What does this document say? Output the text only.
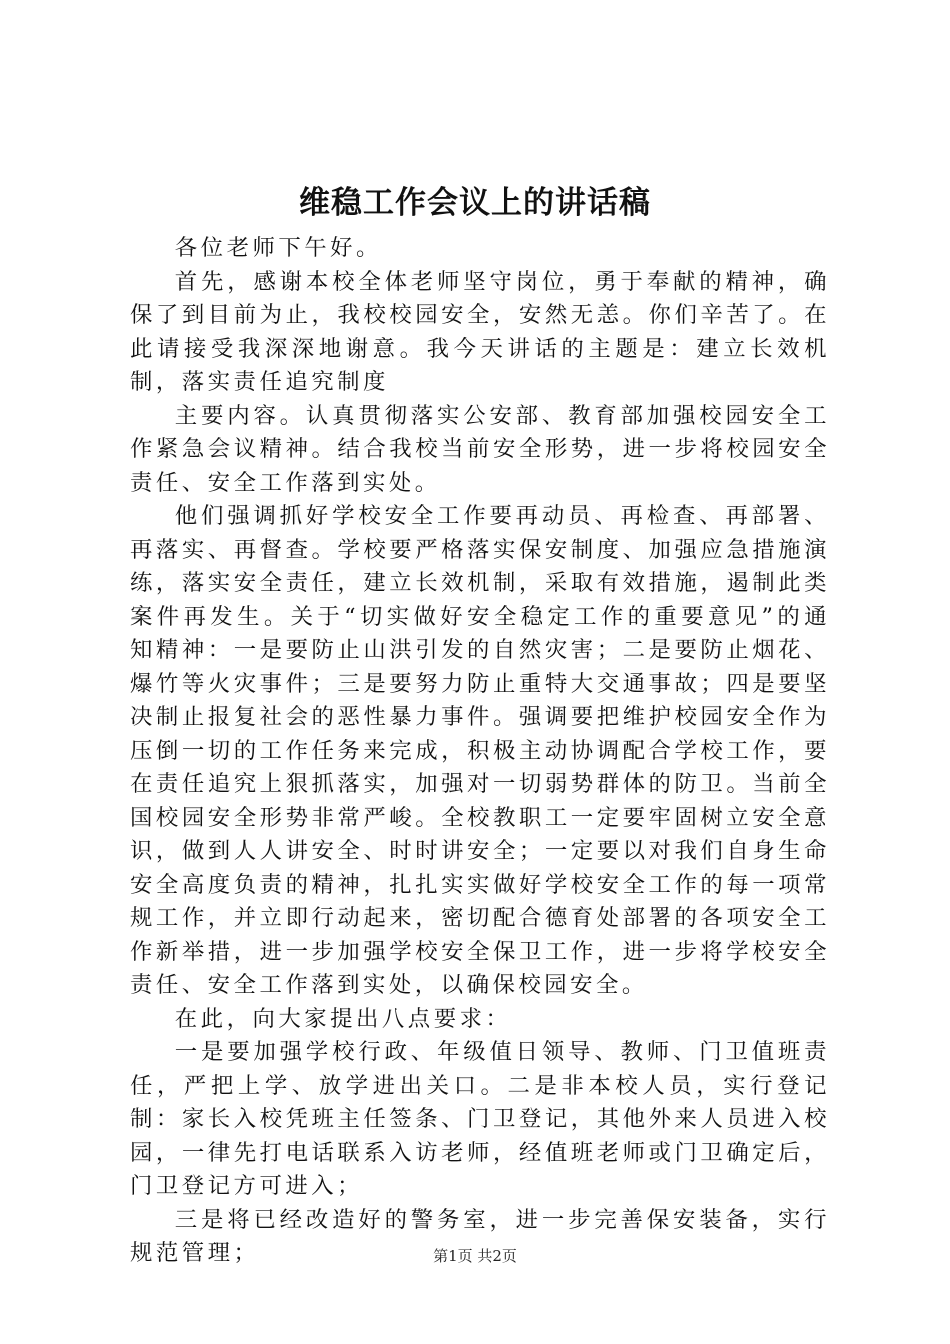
维稳工作会议上的讲话稿

各位老师下午好。

首先，感谢本校全体老师坚守岗位，勇于奉献的精神，确保了到目前为止，我校校园安全，安然无恙。你们辛苦了。在此请接受我深深地谢意。我今天讲话的主题是：建立长效机制，落实责任追究制度

主要内容。认真贯彻落实公安部、教育部加强校园安全工作紧急会议精神。结合我校当前安全形势，进一步将校园安全责任、安全工作落到实处。

他们强调抓好学校安全工作要再动员、再检查、再部署、再落实、再督查。学校要严格落实保安制度、加强应急措施演练，落实安全责任，建立长效机制，采取有效措施，遏制此类案件再发生。关于“切实做好安全稳定工作的重要意见”的通知精神：一是要防止山洪引发的自然灾害；二是要防止烟花、爆竹等火灾事件；三是要努力防止重特大交通事故；四是要坚决制止报复社会的恶性暴力事件。强调要把维护校园安全作为压倒一切的工作任务来完成，积极主动协调配合学校工作，要在责任追究上狠抓落实，加强对一切弱势群体的防卫。当前全国校园安全形势非常严峻。全校教职工一定要牢固树立安全意识，做到人人讲安全、时时讲安全；一定要以对我们自身生命安全高度负责的精神，扎扎实实做好学校安全工作的每一项常规工作，并立即行动起来，密切配合德育处部署的各项安全工作新举措，进一步加强学校安全保卫工作，进一步将学校安全责任、安全工作落到实处，以确保校园安全。

在此，向大家提出八点要求：

一是要加强学校行政、年级值日领导、教师、门卫值班责任，严把上学、放学进出关口。二是非本校人员，实行登记制：家长入校凭班主任签条、门卫登记，其他外来人员进入校园，一律先打电话联系入访老师，经值班老师或门卫确定后，门卫登记方可进入；

三是将已经改造好的警务室，进一步完善保安装备，实行规范管理；	第1页 共2页
